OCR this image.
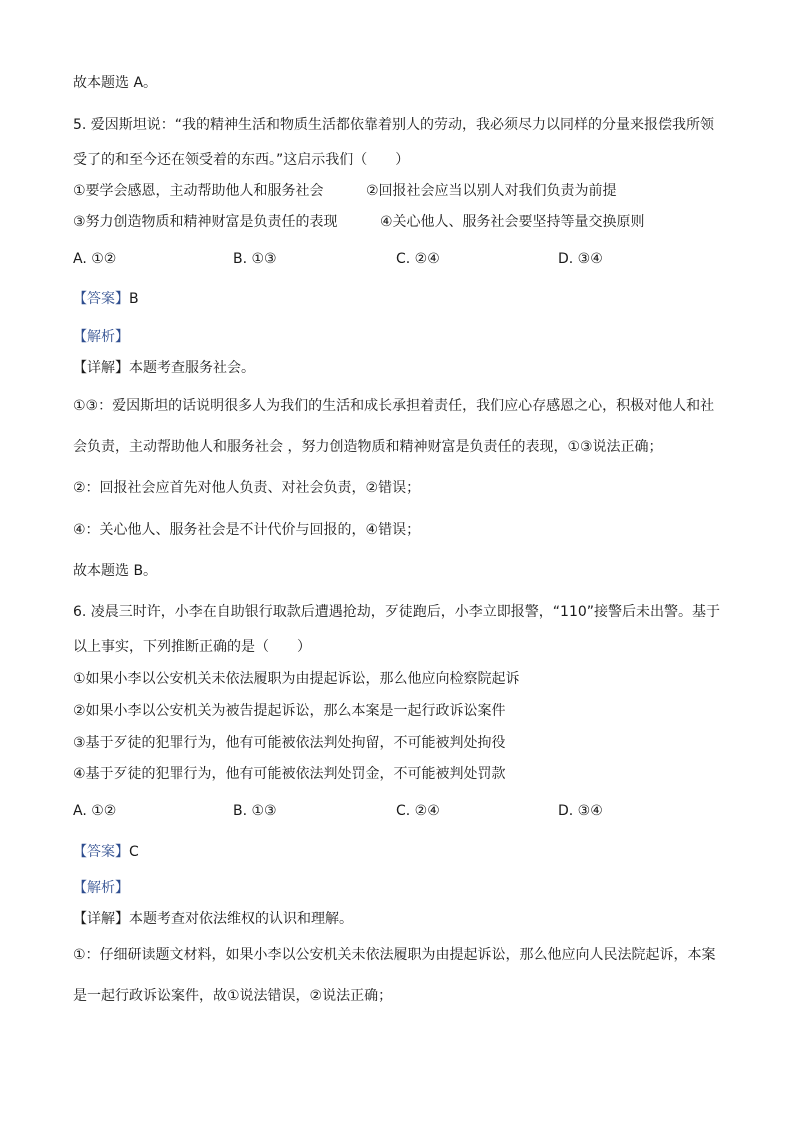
故本题选 A。
5. 爱因斯坦说：“我的精神生活和物质生活都依靠着别人的劳动，我必须尽力以同样的分量来报偿我所领
受了的和至今还在领受着的东西。”这启示我们（　　）
①要学会感恩，主动帮助他人和服务社会	②回报社会应当以别人对我们负责为前提
③努力创造物质和精神财富是负责任的表现	④关心他人、服务社会要坚持等量交换原则
A. ①②	B. ①③	C. ②④	D. ③④
【答案】B
【解析】
【详解】本题考查服务社会。
①③：爱因斯坦的话说明很多人为我们的生活和成长承担着责任，我们应心存感恩之心，积极对他人和社
会负责，主动帮助他人和服务社会 ，努力创造物质和精神财富是负责任的表现，①③说法正确；
②：回报社会应首先对他人负责、对社会负责，②错误；
④：关心他人、服务社会是不计代价与回报的，④错误；
故本题选 B。
6. 凌晨三时许，小李在自助银行取款后遭遇抢劫，歹徒跑后，小李立即报警，“110”接警后未出警。基于
以上事实，下列推断正确的是（　　）
①如果小李以公安机关未依法履职为由提起诉讼，那么他应向检察院起诉
②如果小李以公安机关为被告提起诉讼，那么本案是一起行政诉讼案件
③基于歹徒的犯罪行为，他有可能被依法判处拘留，不可能被判处拘役
④基于歹徒的犯罪行为，他有可能被依法判处罚金，不可能被判处罚款
A. ①②	B. ①③	C. ②④	D. ③④
【答案】C
【解析】
【详解】本题考查对依法维权的认识和理解。
①：仔细研读题文材料，如果小李以公安机关未依法履职为由提起诉讼，那么他应向人民法院起诉，本案
是一起行政诉讼案件，故①说法错误，②说法正确；
